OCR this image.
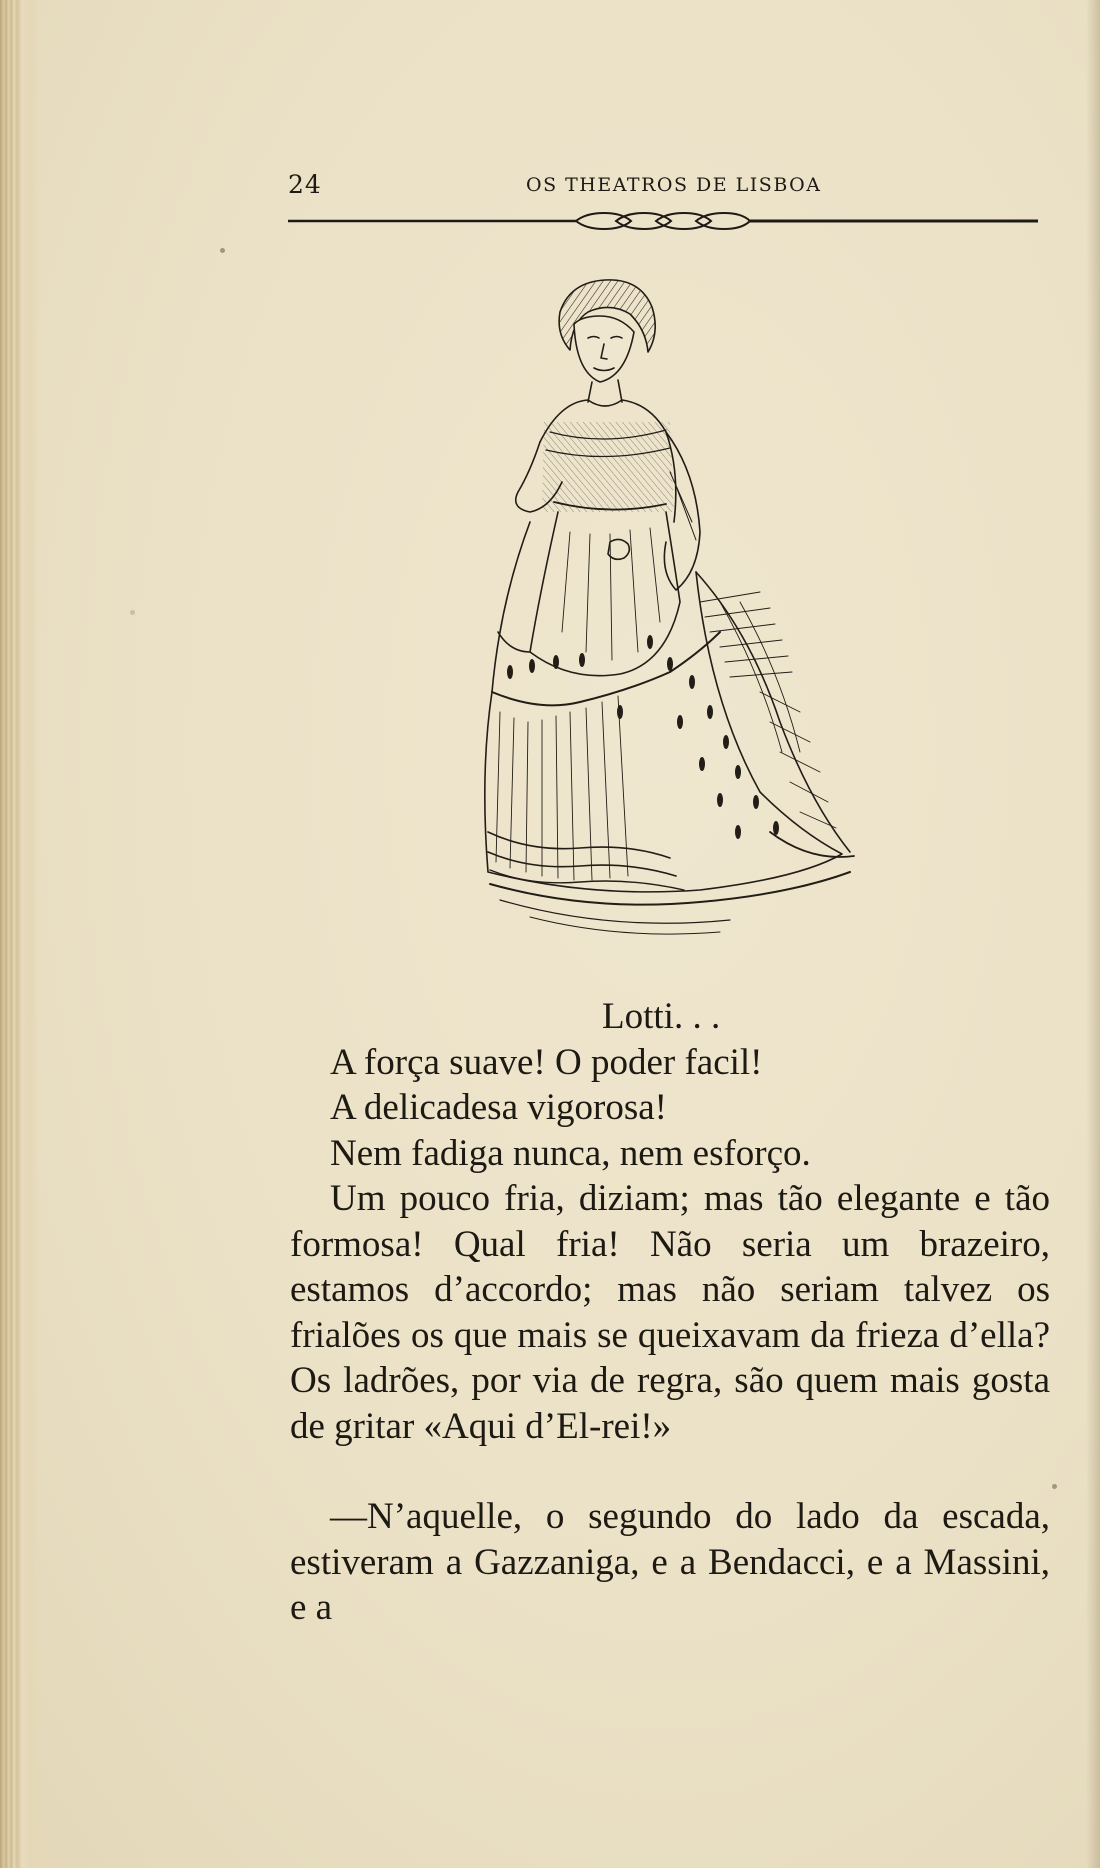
24	OS THEATROS DE LISBOA

Lotti. . .

A força suave! O poder facil!

A delicadesa vigorosa!

Nem fadiga nunca, nem esforço.

Um pouco fria, diziam; mas tão elegante e tão formosa! Qual fria! Não seria um brazeiro, estamos d’accordo; mas não seriam talvez os frialões os que mais se queixavam da frieza d’ella? Os ladrões, por via de regra, são quem mais gosta de gritar «Aqui d’El-rei!»

—N’aquelle, o segundo do lado da escada, estiveram a Gazzaniga, e a Bendacci, e a Massini, e a
